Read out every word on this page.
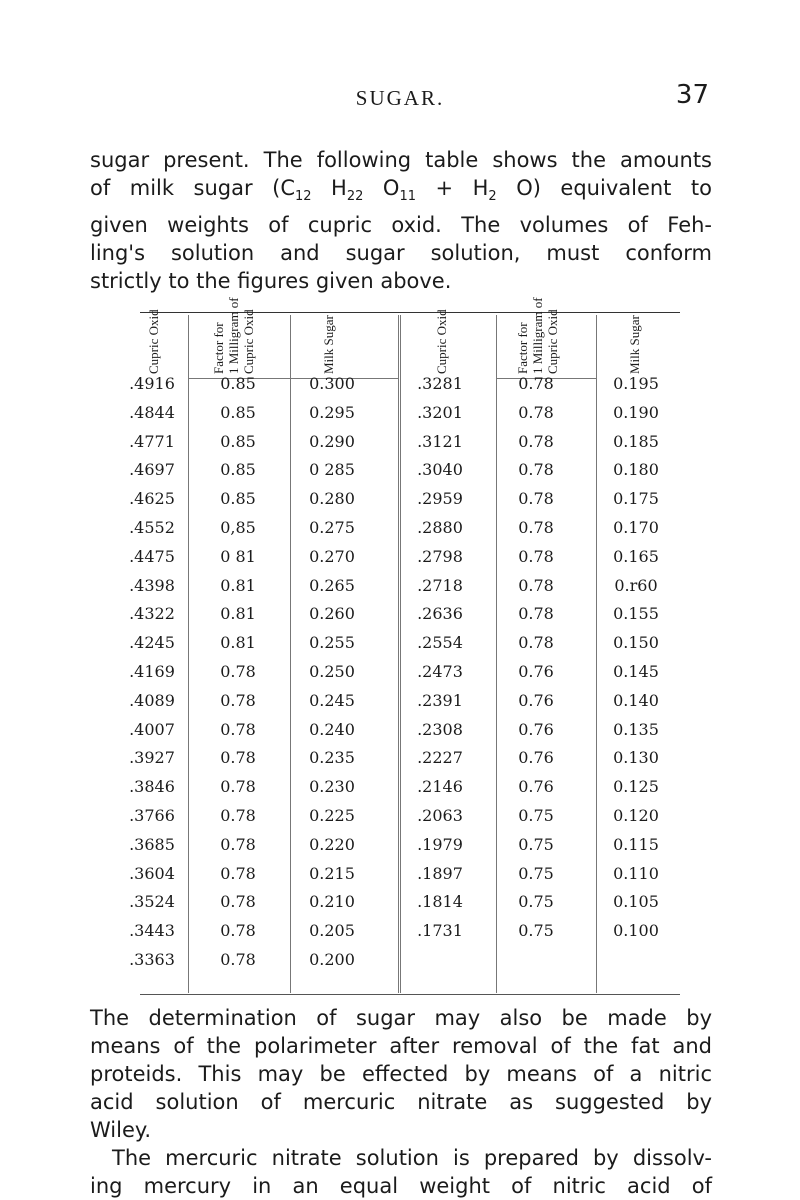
SUGAR.	37
sugar present. The following table shows the amounts
of milk sugar ($C_{12}$ $H_{22}$ $O_{11} + H_2$ O) equivalent to
given weights of cupric oxid. The volumes of Feh-
ling's solution and sugar solution, must conform
strictly to the figures given above.
Cupric Oxid	Factor for 1 Milligram of Cupric Oxid	Milk Sugar	Cupric Oxid	Factor for 1 Milligram of Cupric Oxid	Milk Sugar
.4916	0.85	0.300	.3281	0.78	0.195
.4844	0.85	0.295	.3201	0.78	0.190
.4771	0.85	0.290	.3121	0.78	0.185
.4697	0.85	0 285	.3040	0.78	0.180
.4625	0.85	0.280	.2959	0.78	0.175
.4552	0,85	0.275	.2880	0.78	0.170
.4475	0 81	0.270	.2798	0.78	0.165
.4398	0.81	0.265	.2718	0.78	0.r60
.4322	0.81	0.260	.2636	0.78	0.155
.4245	0.81	0.255	.2554	0.78	0.150
.4169	0.78	0.250	.2473	0.76	0.145
.4089	0.78	0.245	.2391	0.76	0.140
.4007	0.78	0.240	.2308	0.76	0.135
.3927	0.78	0.235	.2227	0.76	0.130
.3846	0.78	0.230	.2146	0.76	0.125
.3766	0.78	0.225	.2063	0.75	0.120
.3685	0.78	0.220	.1979	0.75	0.115
.3604	0.78	0.215	.1897	0.75	0.110
.3524	0.78	0.210	.1814	0.75	0.105
.3443	0.78	0.205	.1731	0.75	0.100
.3363	0.78	0.200
The determination of sugar may also be made by
means of the polarimeter after removal of the fat and
proteids. This may be effected by means of a nitric
acid solution of mercuric nitrate as suggested by
Wiley.
The mercuric nitrate solution is prepared by dissolv-
ing mercury in an equal weight of nitric acid of
